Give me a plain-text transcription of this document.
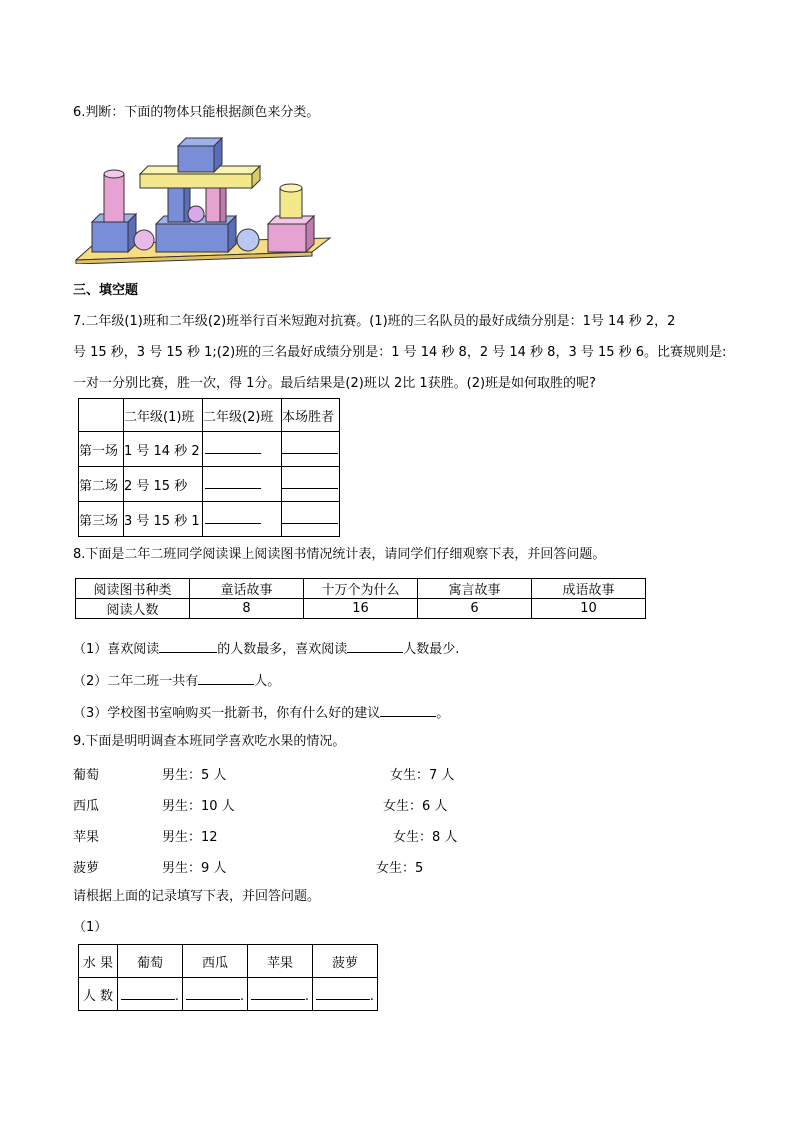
6.判断：下面的物体只能根据颜色来分类。
三、填空题
7.二年级(1)班和二年级(2)班举行百米短跑对抗赛。(1)班的三名队员的最好成绩分别是：1号 14 秒 2，2
号 15 秒，3 号 15 秒 1;(2)班的三名最好成绩分别是：1 号 14 秒 8，2 号 14 秒 8，3 号 15 秒 6。比赛规则是:
一对一分别比赛，胜一次，得 1分。最后结果是(2)班以 2比 1获胜。(2)班是如何取胜的呢?
	二年级(1)班	二年级(2)班	本场胜者
第一场	1 号 14 秒 2		
第二场	2 号 15 秒		
第三场	3 号 15 秒 1		
8.下面是二年二班同学阅读课上阅读图书情况统计表，请同学们仔细观察下表，并回答问题。
阅读图书种类	童话故事	十万个为什么	寓言故事	成语故事
阅读人数	8	16	6	10
（1）喜欢阅读	的人数最多，喜欢阅读	人数最少.
（2）二年二班一共有	人。
（3）学校图书室响购买一批新书，你有什么好的建议	。
9.下面是明明调查本班同学喜欢吃水果的情况。
葡萄	男生：5 人	女生：7 人
西瓜	男生：10 人	女生：6 人
苹果	男生：12	女生：8 人
菠萝	男生：9 人	女生：5
请根据上面的记录填写下表，并回答问题。
（1）
水 果	葡萄	西瓜	苹果	菠萝
人 数	.	.	.	.
